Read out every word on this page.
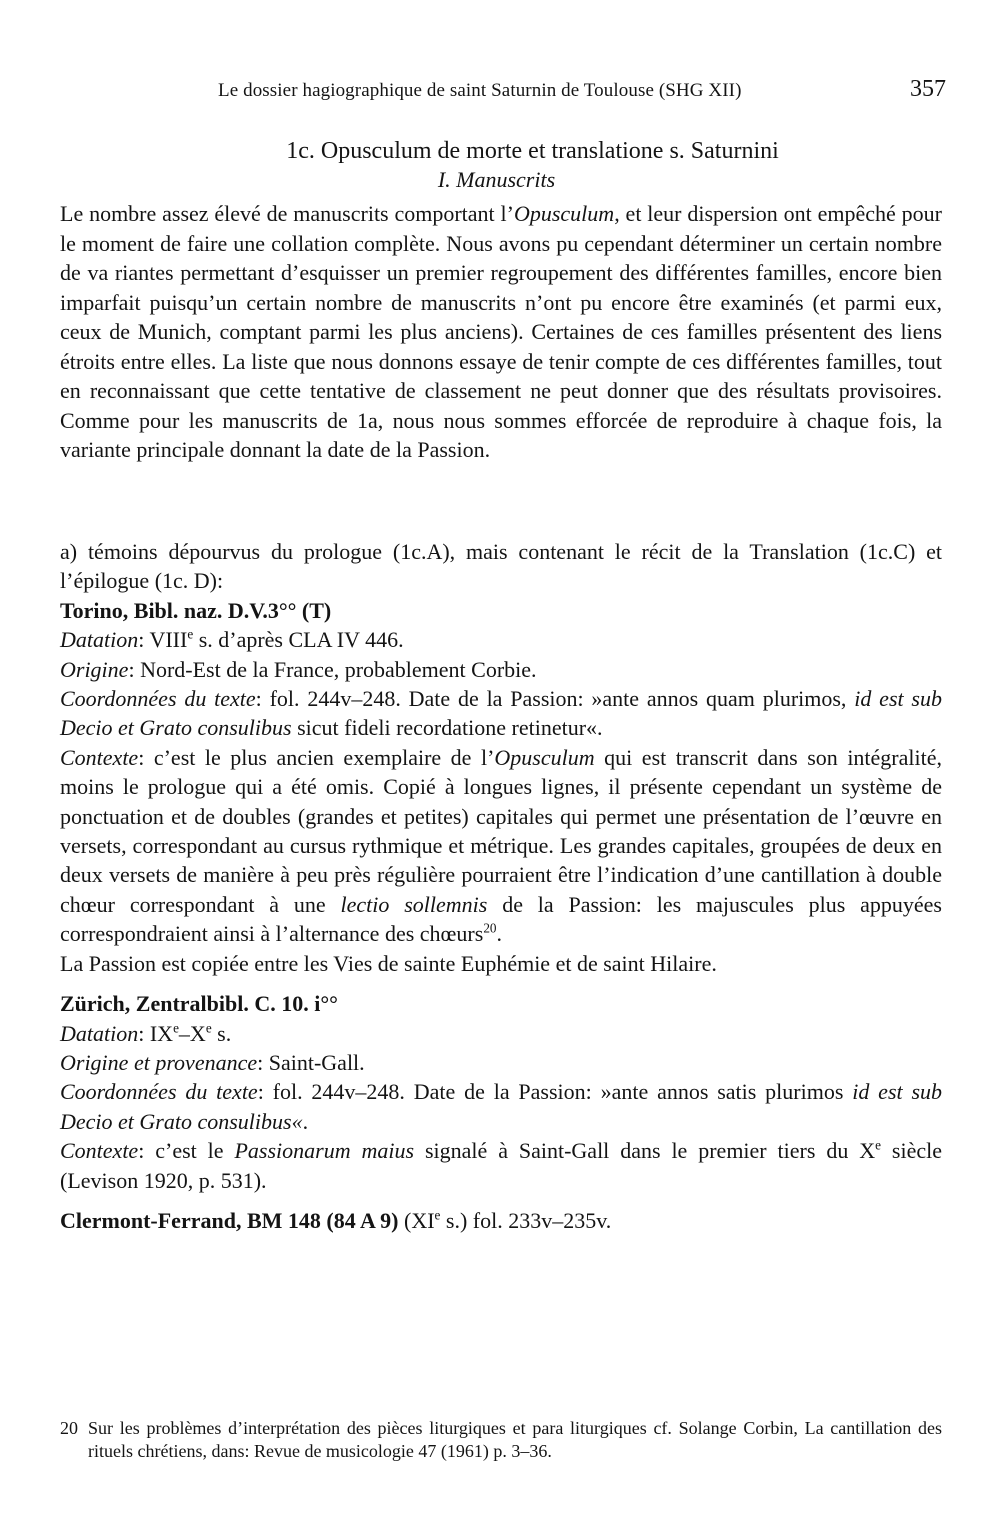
Le dossier hagiographique de saint Saturnin de Toulouse (SHG XII)	357
1c. Opusculum de morte et translatione s. Saturnini
I. Manuscrits

Le nombre assez élevé de manuscrits comportant l’Opusculum, et leur dispersion ont empêché pour le moment de faire une collation complète. Nous avons pu cependant déterminer un certain nombre de va riantes permettant d’esquisser un premier regroupement des différentes familles, encore bien imparfait puisqu’un certain nombre de manuscrits n’ont pu encore être examinés (et parmi eux, ceux de Munich, comptant parmi les plus anciens). Certaines de ces familles présentent des liens étroits entre elles. La liste que nous donnons essaye de tenir compte de ces différentes familles, tout en reconnaissant que cette tentative de classement ne peut donner que des résultats provisoires. Comme pour les manuscrits de 1a, nous nous sommes efforcée de reproduire à chaque fois, la variante principale donnant la date de la Passion.

a) témoins dépourvus du prologue (1c.A), mais contenant le récit de la Translation (1c.C) et l’épilogue (1c. D):

Torino, Bibl. naz. D.V.3°° (T)

Datation: VIIIe s. d’après CLA IV 446.

Origine: Nord-Est de la France, probablement Corbie.

Coordonnées du texte: fol. 244v–248. Date de la Passion: »ante annos quam plurimos, id est sub Decio et Grato consulibus sicut fideli recordatione retinetur«.

Contexte: c’est le plus ancien exemplaire de l’Opusculum qui est transcrit dans son intégralité, moins le prologue qui a été omis. Copié à longues lignes, il présente cependant un système de ponctuation et de doubles (grandes et petites) capitales qui permet une présentation de l’œuvre en versets, correspondant au cursus rythmique et métrique. Les grandes capitales, groupées de deux en deux versets de manière à peu près régulière pourraient être l’indication d’une cantillation à double chœur correspondant à une lectio sollemnis de la Passion: les majuscules plus appuyées correspondraient ainsi à l’alternance des chœurs$^{20}$.

La Passion est copiée entre les Vies de sainte Euphémie et de saint Hilaire.

Zürich, Zentralbibl. C. 10. i°°

Datation: IXe–Xe s.

Origine et provenance: Saint-Gall.

Coordonnées du texte: fol. 244v–248. Date de la Passion: »ante annos satis plurimos id est sub Decio et Grato consulibus«.

Contexte: c’est le Passionarum maius signalé à Saint-Gall dans le premier tiers du Xe siècle (Levison 1920, p. 531).

Clermont-Ferrand, BM 148 (84 A 9) (XIe s.) fol. 233v–235v.

20 Sur les problèmes d’interprétation des pièces liturgiques et para liturgiques cf. Solange Corbin, La cantillation des rituels chrétiens, dans: Revue de musicologie 47 (1961) p. 3–36.
